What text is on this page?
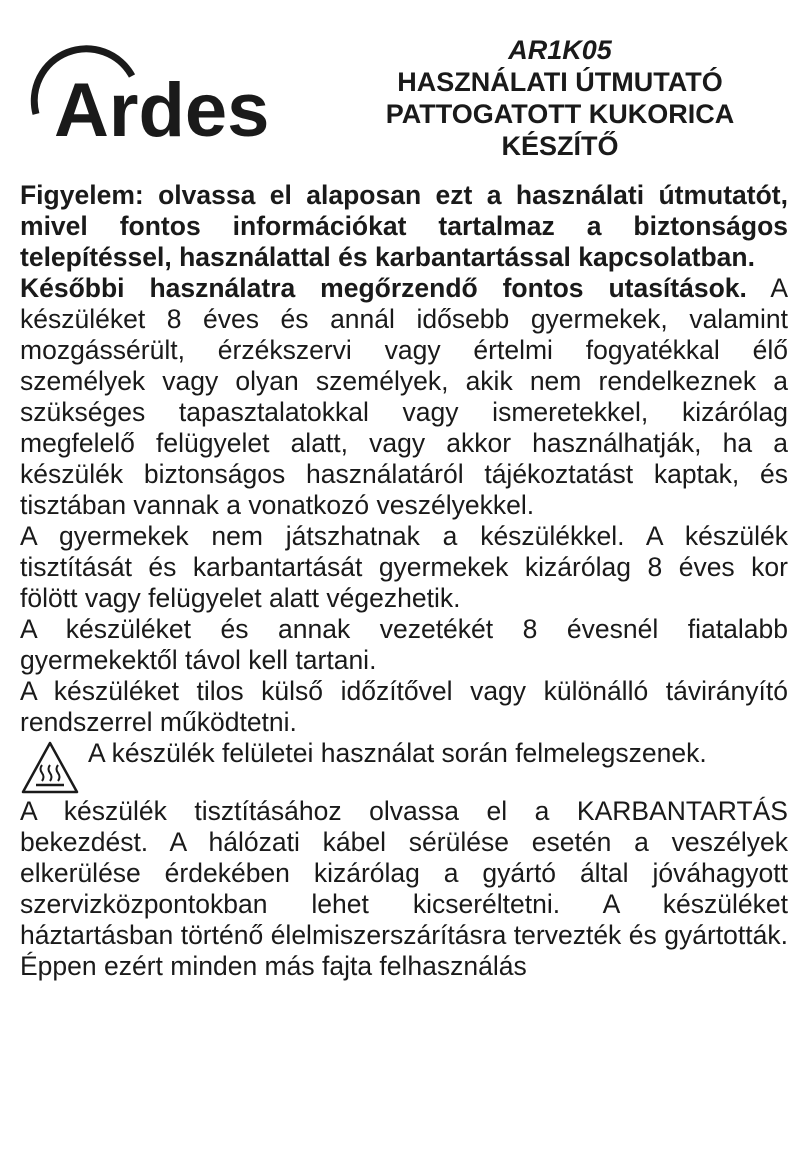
Ardes
AR1K05
HASZNÁLATI ÚTMUTATÓ
PATTOGATOTT KUKORICA
KÉSZÍTŐ

Figyelem: olvassa el alaposan ezt a használati útmutatót, mivel fontos információkat tartalmaz a biztonságos telepítéssel, használattal és karbantartással kapcsolatban.

Későbbi használatra megőrzendő fontos utasítások. A készüléket 8 éves és annál idősebb gyermekek, valamint mozgássérült, érzékszervi vagy értelmi fogyatékkal élő személyek vagy olyan személyek, akik nem rendelkeznek a szükséges tapasztalatokkal vagy ismeretekkel, kizárólag megfelelő felügyelet alatt, vagy akkor használhatják, ha a készülék biztonságos használatáról tájékoztatást kaptak, és tisztában vannak a vonatkozó veszélyekkel.

A gyermekek nem játszhatnak a készülékkel. A készülék tisztítását és karbantartását gyermekek kizárólag 8 éves kor fölött vagy felügyelet alatt végezhetik.

A készüléket és annak vezetékét 8 évesnél fiatalabb gyermekektől távol kell tartani.

A készüléket tilos külső időzítővel vagy különálló távirányító rendszerrel működtetni.

A készülék felületei használat során felmelegszenek.

A készülék tisztításához olvassa el a KARBANTARTÁS bekezdést. A hálózati kábel sérülése esetén a veszélyek elkerülése érdekében kizárólag a gyártó által jóváhagyott szervizközpontokban lehet kicseréltetni. A készüléket háztartásban történő élelmiszerszárításra tervezték és gyártották. Éppen ezért minden más fajta felhasználás
